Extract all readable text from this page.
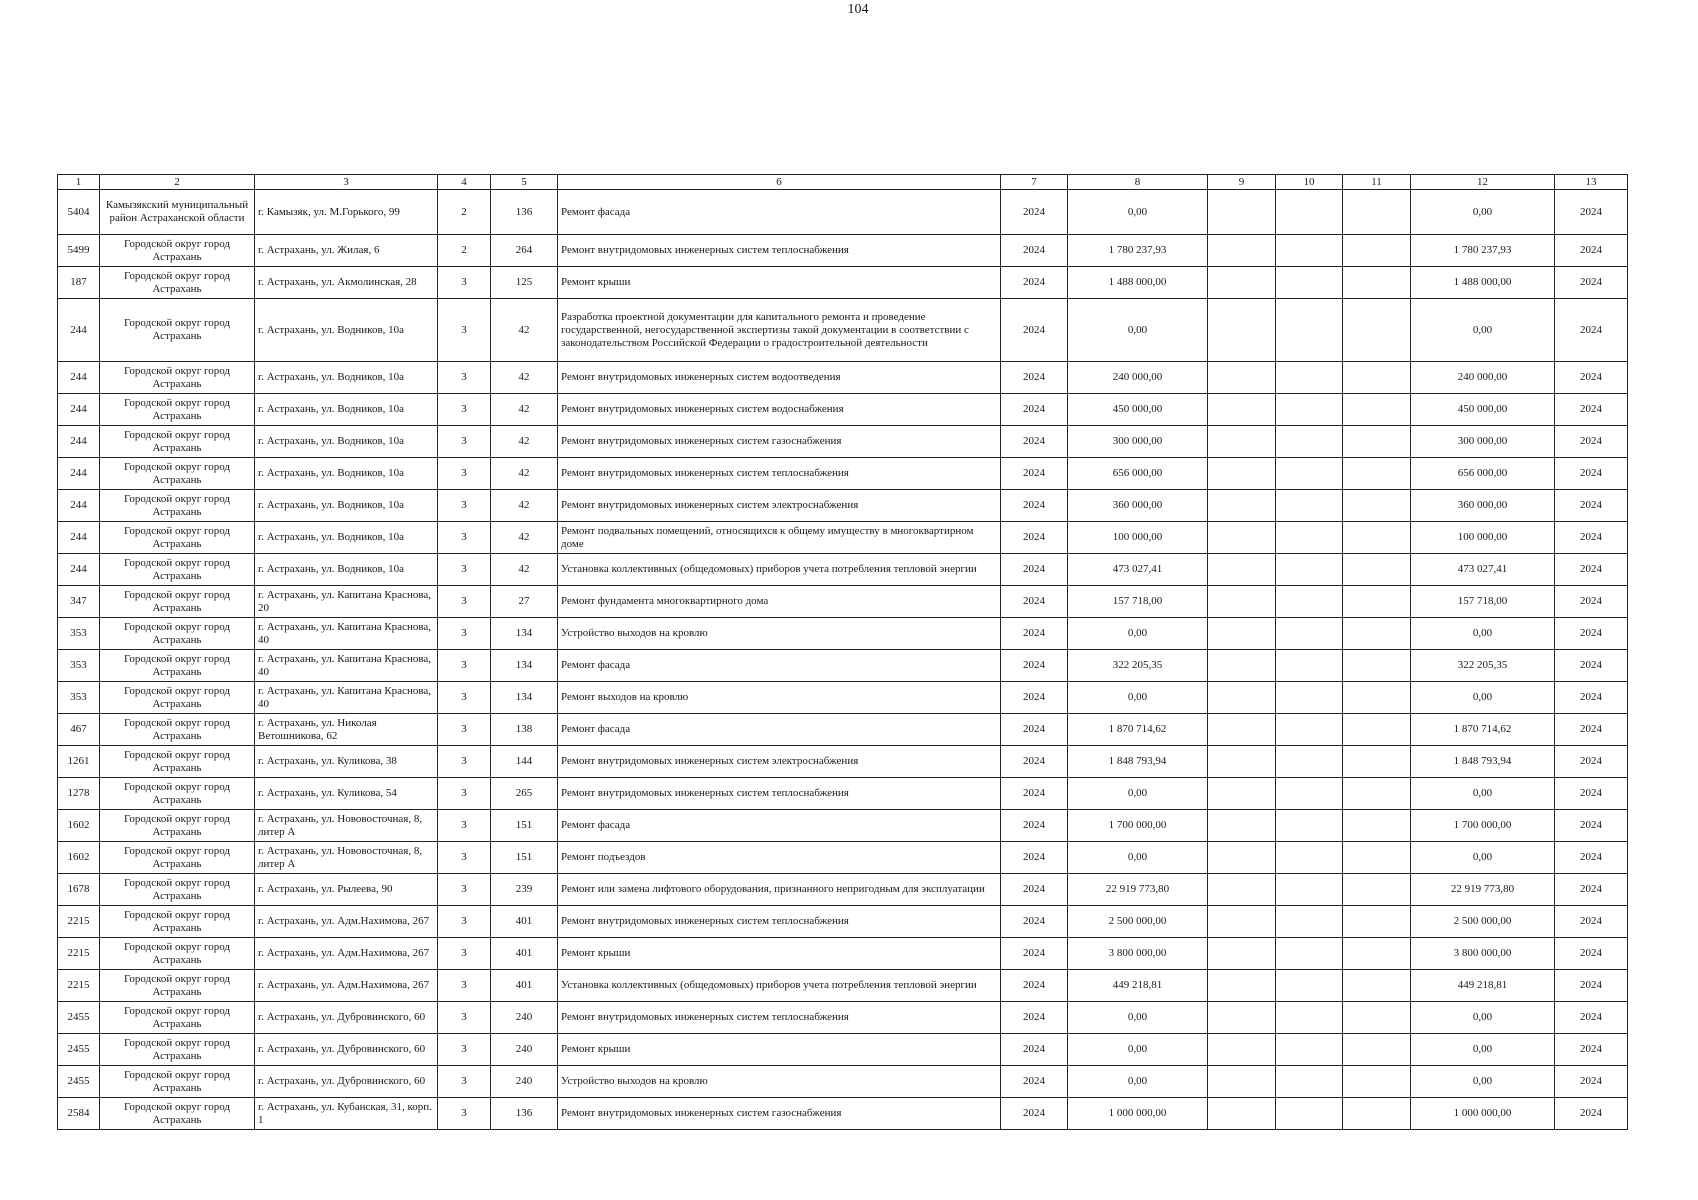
104
1	2	3	4	5	6	7	8	9	10	11	12	13
5404	Камызякский муниципальный район Астраханской области	г. Камызяк, ул. М.Горького, 99	2	136	Ремонт фасада	2024	0,00				0,00	2024
5499	Городской округ город Астрахань	г. Астрахань, ул. Жилая, 6	2	264	Ремонт внутридомовых инженерных систем теплоснабжения	2024	1 780 237,93				1 780 237,93	2024
187	Городской округ город Астрахань	г. Астрахань, ул. Акмолинская, 28	3	125	Ремонт крыши	2024	1 488 000,00				1 488 000,00	2024
244	Городской округ город Астрахань	г. Астрахань, ул. Водников, 10а	3	42	Разработка проектной документации для капитального ремонта и проведение государственной, негосударственной экспертизы такой документации в соответствии с законодательством Российской Федерации о градостроительной деятельности	2024	0,00				0,00	2024
244	Городской округ город Астрахань	г. Астрахань, ул. Водников, 10а	3	42	Ремонт внутридомовых инженерных систем водоотведения	2024	240 000,00				240 000,00	2024
244	Городской округ город Астрахань	г. Астрахань, ул. Водников, 10а	3	42	Ремонт внутридомовых инженерных систем водоснабжения	2024	450 000,00				450 000,00	2024
244	Городской округ город Астрахань	г. Астрахань, ул. Водников, 10а	3	42	Ремонт внутридомовых инженерных систем газоснабжения	2024	300 000,00				300 000,00	2024
244	Городской округ город Астрахань	г. Астрахань, ул. Водников, 10а	3	42	Ремонт внутридомовых инженерных систем теплоснабжения	2024	656 000,00				656 000,00	2024
244	Городской округ город Астрахань	г. Астрахань, ул. Водников, 10а	3	42	Ремонт внутридомовых инженерных систем электроснабжения	2024	360 000,00				360 000,00	2024
244	Городской округ город Астрахань	г. Астрахань, ул. Водников, 10а	3	42	Ремонт подвальных помещений, относящихся к общему имуществу в многоквартирном доме	2024	100 000,00				100 000,00	2024
244	Городской округ город Астрахань	г. Астрахань, ул. Водников, 10а	3	42	Установка коллективных (общедомовых) приборов учета потребления тепловой энергии	2024	473 027,41				473 027,41	2024
347	Городской округ город Астрахань	г. Астрахань, ул. Капитана Краснова, 20	3	27	Ремонт фундамента многоквартирного дома	2024	157 718,00				157 718,00	2024
353	Городской округ город Астрахань	г. Астрахань, ул. Капитана Краснова, 40	3	134	Устройство выходов на кровлю	2024	0,00				0,00	2024
353	Городской округ город Астрахань	г. Астрахань, ул. Капитана Краснова, 40	3	134	Ремонт фасада	2024	322 205,35				322 205,35	2024
353	Городской округ город Астрахань	г. Астрахань, ул. Капитана Краснова, 40	3	134	Ремонт выходов на кровлю	2024	0,00				0,00	2024
467	Городской округ город Астрахань	г. Астрахань, ул. Николая Ветошникова, 62	3	138	Ремонт фасада	2024	1 870 714,62				1 870 714,62	2024
1261	Городской округ город Астрахань	г. Астрахань, ул. Куликова, 38	3	144	Ремонт внутридомовых инженерных систем электроснабжения	2024	1 848 793,94				1 848 793,94	2024
1278	Городской округ город Астрахань	г. Астрахань, ул. Куликова, 54	3	265	Ремонт внутридомовых инженерных систем теплоснабжения	2024	0,00				0,00	2024
1602	Городской округ город Астрахань	г. Астрахань, ул. Нововосточная, 8, литер А	3	151	Ремонт фасада	2024	1 700 000,00				1 700 000,00	2024
1602	Городской округ город Астрахань	г. Астрахань, ул. Нововосточная, 8, литер А	3	151	Ремонт подъездов	2024	0,00				0,00	2024
1678	Городской округ город Астрахань	г. Астрахань, ул. Рылеева, 90	3	239	Ремонт или замена лифтового оборудования, признанного непригодным для эксплуатации	2024	22 919 773,80				22 919 773,80	2024
2215	Городской округ город Астрахань	г. Астрахань, ул. Адм.Нахимова, 267	3	401	Ремонт внутридомовых инженерных систем теплоснабжения	2024	2 500 000,00				2 500 000,00	2024
2215	Городской округ город Астрахань	г. Астрахань, ул. Адм.Нахимова, 267	3	401	Ремонт крыши	2024	3 800 000,00				3 800 000,00	2024
2215	Городской округ город Астрахань	г. Астрахань, ул. Адм.Нахимова, 267	3	401	Установка коллективных (общедомовых) приборов учета потребления тепловой энергии	2024	449 218,81				449 218,81	2024
2455	Городской округ город Астрахань	г. Астрахань, ул. Дубровинского, 60	3	240	Ремонт внутридомовых инженерных систем теплоснабжения	2024	0,00				0,00	2024
2455	Городской округ город Астрахань	г. Астрахань, ул. Дубровинского, 60	3	240	Ремонт крыши	2024	0,00				0,00	2024
2455	Городской округ город Астрахань	г. Астрахань, ул. Дубровинского, 60	3	240	Устройство выходов на кровлю	2024	0,00				0,00	2024
2584	Городской округ город Астрахань	г. Астрахань, ул. Кубанская, 31, корп. 1	3	136	Ремонт внутридомовых инженерных систем газоснабжения	2024	1 000 000,00				1 000 000,00	2024
